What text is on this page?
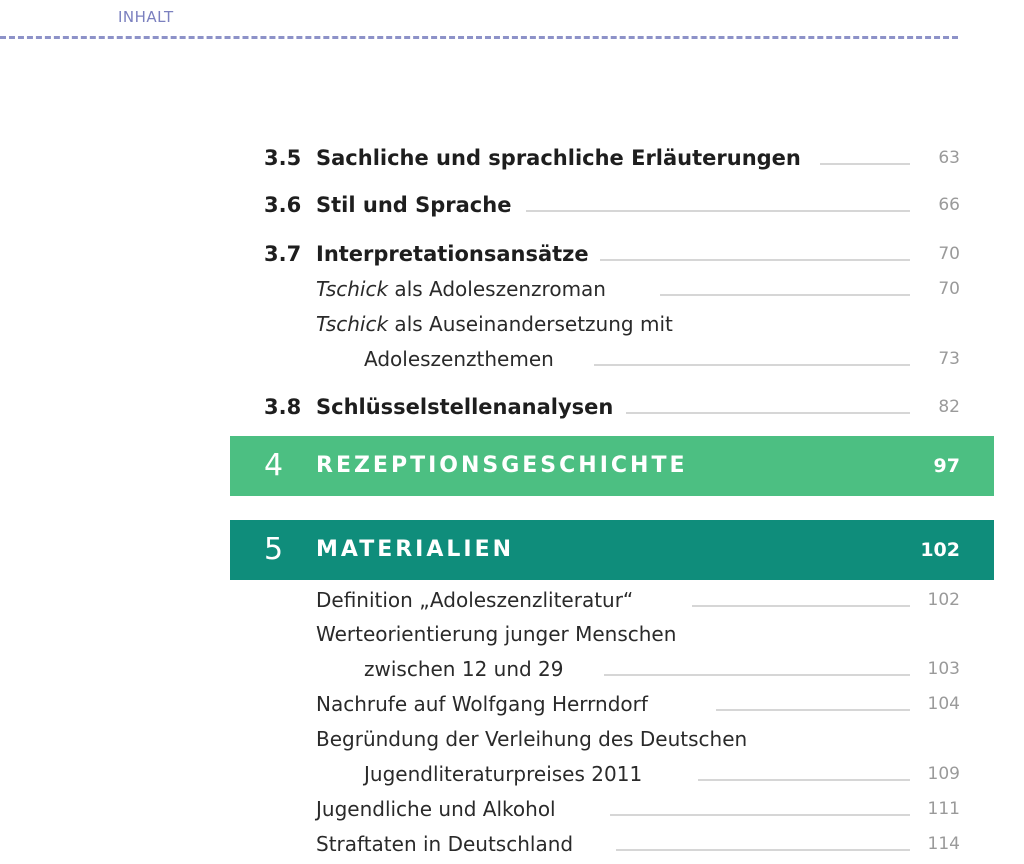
INHALT
3.5 Sachliche und sprachliche Erläuterungen	63
3.6 Stil und Sprache	66
3.7 Interpretationsansätze	70
Tschick als Adoleszenzroman	70
Tschick als Auseinandersetzung mit
Adoleszenzthemen	73
3.8 Schlüsselstellenanalysen	82
4 REZEPTIONSGESCHICHTE	97
5 MATERIALIEN	102
Definition „Adoleszenzliteratur“	102
Werteorientierung junger Menschen
zwischen 12 und 29	103
Nachrufe auf Wolfgang Herrndorf	104
Begründung der Verleihung des Deutschen
Jugendliteraturpreises 2011	109
Jugendliche und Alkohol	111
Straftaten in Deutschland	114
